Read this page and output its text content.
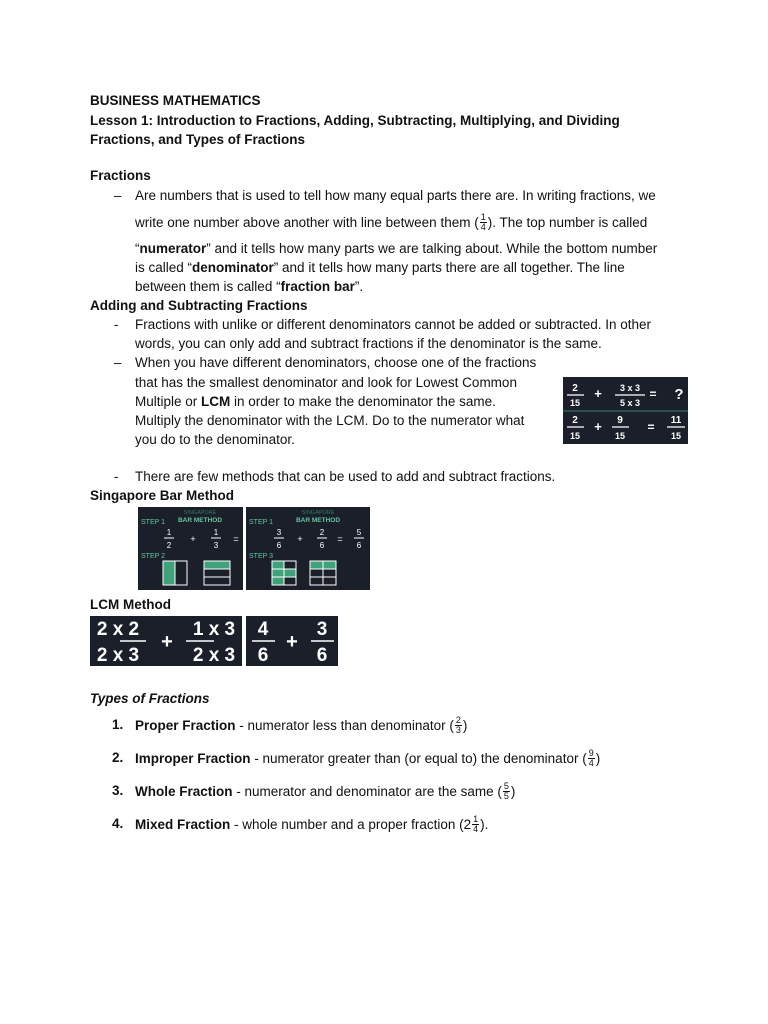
BUSINESS MATHEMATICS
Lesson 1: Introduction to Fractions, Adding, Subtracting, Multiplying, and Dividing
Fractions, and Types of Fractions
Fractions
– Are numbers that is used to tell how many equal parts there are. In writing fractions, we
write one number above another with line between them ( $\frac{1}{4}$ ). The top number is called
“numerator” and it tells how many parts we are talking about. While the bottom number
is called “denominator” and it tells how many parts there are all together. The line
between them is called “fraction bar”.
Adding and Subtracting Fractions
- Fractions with unlike or different denominators cannot be added or subtracted. In other
words, you can only add and subtract fractions if the denominator is the same.
– When you have different denominators, choose one of the fractions
that has the smallest denominator and look for Lowest Common
Multiple or LCM in order to make the denominator the same.
Multiply the denominator with the LCM. Do to the numerator what
you do to the denominator.
2
15
+ 3 x 3
5 x 3
= ?
2
15
+ 9
15
= 11
15
- There are few methods that can be used to add and subtract fractions.
Singapore Bar Method
STEP 1
SINGAPORE
BAR METHOD
1
2
+
1
3
=
STEP 2
STEP 1
SINGAPORE
BAR METHOD
3
6
+
2
6
=
5
6
STEP 3
LCM Method
2 x 2
2 x 3
+
1 x 3
2 x 3
4
6
+
3
6
Types of Fractions
1. Proper Fraction - numerator less than denominator ( $\frac{2}{3}$ )
2. Improper Fraction - numerator greater than (or equal to) the denominator ( $\frac{9}{4}$ )
3. Whole Fraction - numerator and denominator are the same ( $\frac{5}{5}$ )
4. Mixed Fraction - whole number and a proper fraction ($2 \frac{1}{4}$ ).
